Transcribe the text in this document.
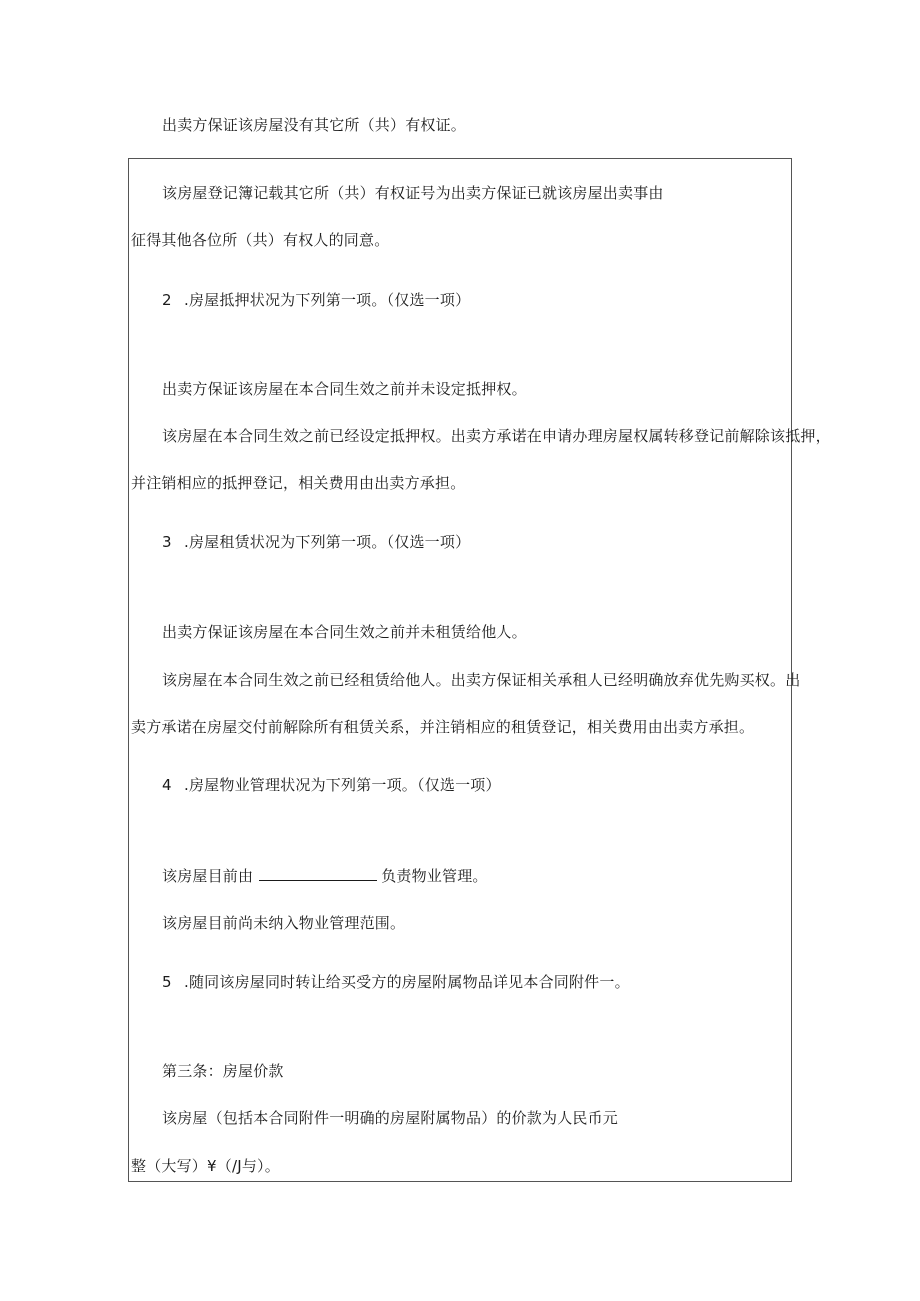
出卖方保证该房屋没有其它所（共）有权证。
该房屋登记簿记载其它所（共）有权证号为出卖方保证已就该房屋出卖事由
征得其他各位所（共）有权人的同意。
2 .房屋抵押状况为下列第一项。（仅选一项）
出卖方保证该房屋在本合同生效之前并未设定抵押权。
该房屋在本合同生效之前已经设定抵押权。出卖方承诺在申请办理房屋权属转移登记前解除该抵押，
并注销相应的抵押登记，相关费用由出卖方承担。
3 .房屋租赁状况为下列第一项。（仅选一项）
出卖方保证该房屋在本合同生效之前并未租赁给他人。
该房屋在本合同生效之前已经租赁给他人。出卖方保证相关承租人已经明确放弃优先购买权。出
卖方承诺在房屋交付前解除所有租赁关系，并注销相应的租赁登记，相关费用由出卖方承担。
4 .房屋物业管理状况为下列第一项。（仅选一项）
该房屋目前由	负责物业管理。
该房屋目前尚未纳入物业管理范围。
5 .随同该房屋同时转让给买受方的房屋附属物品详见本合同附件一。
第三条：房屋价款
该房屋（包括本合同附件一明确的房屋附属物品）的价款为人民币元
整（大写）¥（/J与）。
